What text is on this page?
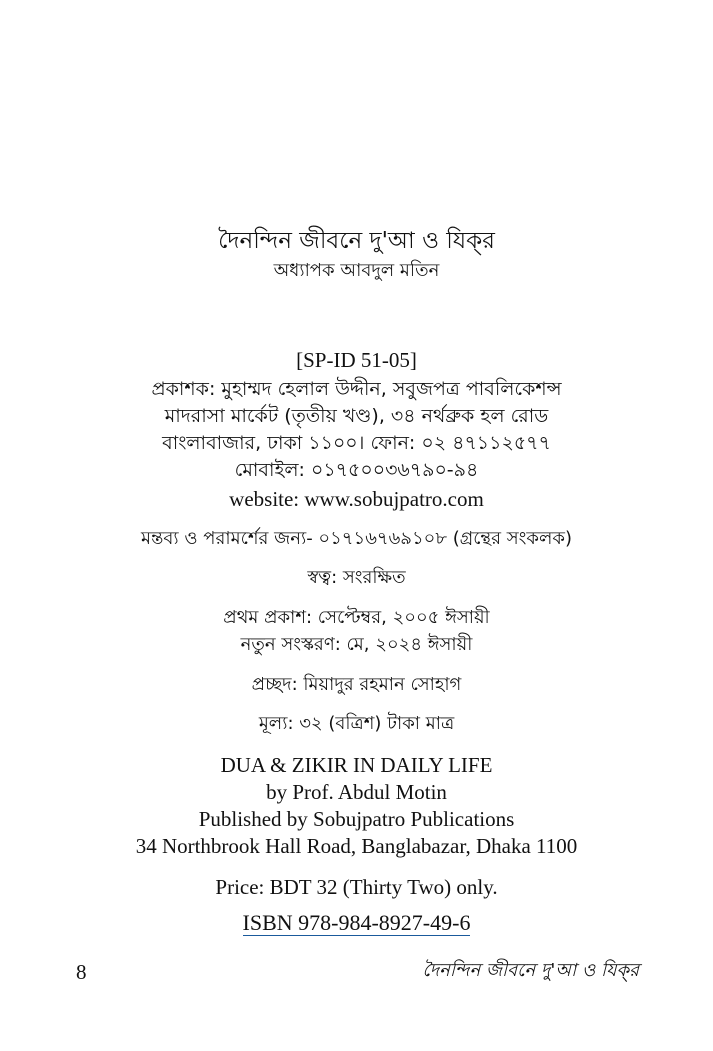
দৈনন্দিন জীবনে দু'আ ও যিক্‌র
অধ্যাপক আবদুল মতিন
[SP-ID 51-05]
প্রকাশক: মুহাম্মদ হেলাল উদ্দীন, সবুজপত্র পাবলিকেশন্স
মাদরাসা মার্কেট (তৃতীয় খণ্ড), ৩৪ নর্থব্রুক হল রোড
বাংলাবাজার, ঢাকা ১১০০। ফোন: ০২ ৪৭১১২৫৭৭
মোবাইল: ০১৭৫০০৩৬৭৯০-৯৪
website: www.sobujpatro.com
মন্তব্য ও পরামর্শের জন্য- ০১৭১৬৭৬৯১০৮ (গ্রন্থের সংকলক)
স্বত্ব: সংরক্ষিত
প্রথম প্রকাশ: সেপ্টেম্বর, ২০০৫ ঈসায়ী
নতুন সংস্করণ: মে, ২০২৪ ঈসায়ী
প্রচ্ছদ: মিয়াদুর রহমান সোহাগ
মূল্য: ৩২ (বত্রিশ) টাকা মাত্র
DUA & ZIKIR IN DAILY LIFE
by Prof. Abdul Motin
Published by Sobujpatro Publications
34 Northbrook Hall Road, Banglabazar, Dhaka 1100
Price: BDT 32 (Thirty Two) only.
ISBN 978-984-8927-49-6
8	দৈনন্দিন জীবনে দু'আ ও যিক্‌র
